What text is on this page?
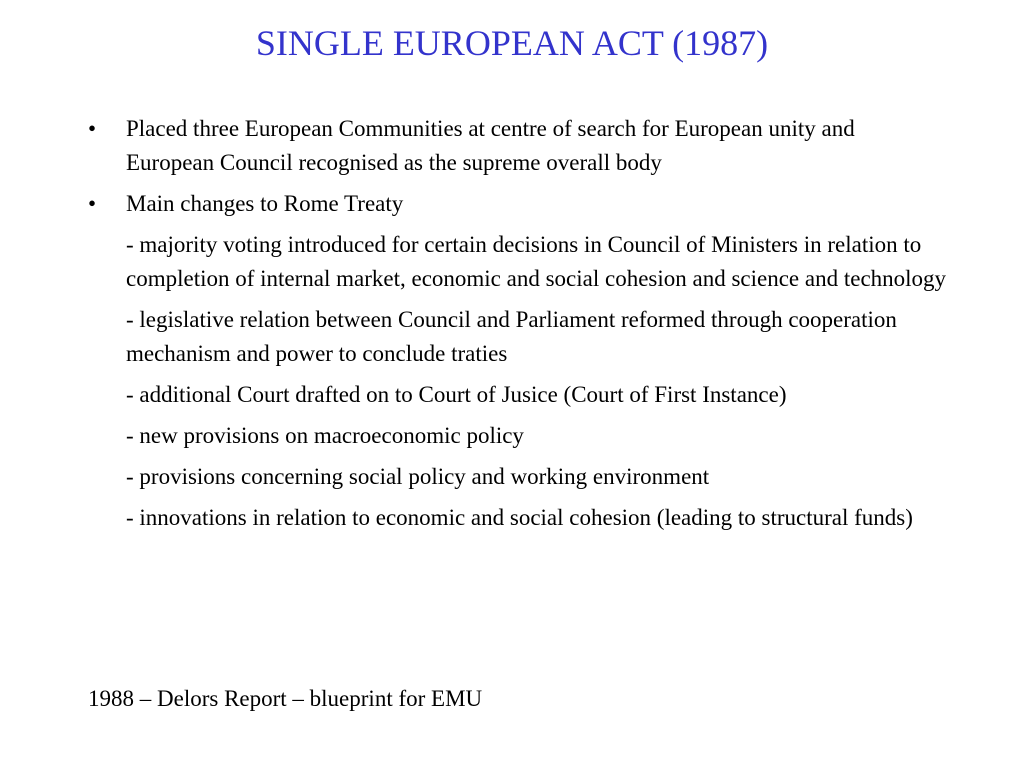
SINGLE EUROPEAN ACT (1987)
• Placed three European Communities at centre of search for European unity and European Council recognised as the supreme overall body
• Main changes to Rome Treaty
- majority voting introduced for certain decisions in Council of Ministers in relation to completion of internal market, economic and social cohesion and science and technology
- legislative relation between Council and Parliament reformed through cooperation mechanism and power to conclude traties
- additional Court drafted on to Court of Jusice (Court of First Instance)
- new provisions on macroeconomic policy
- provisions concerning social policy and working environment
- innovations in relation to economic and social cohesion (leading to structural funds)
1988 – Delors Report – blueprint for EMU
